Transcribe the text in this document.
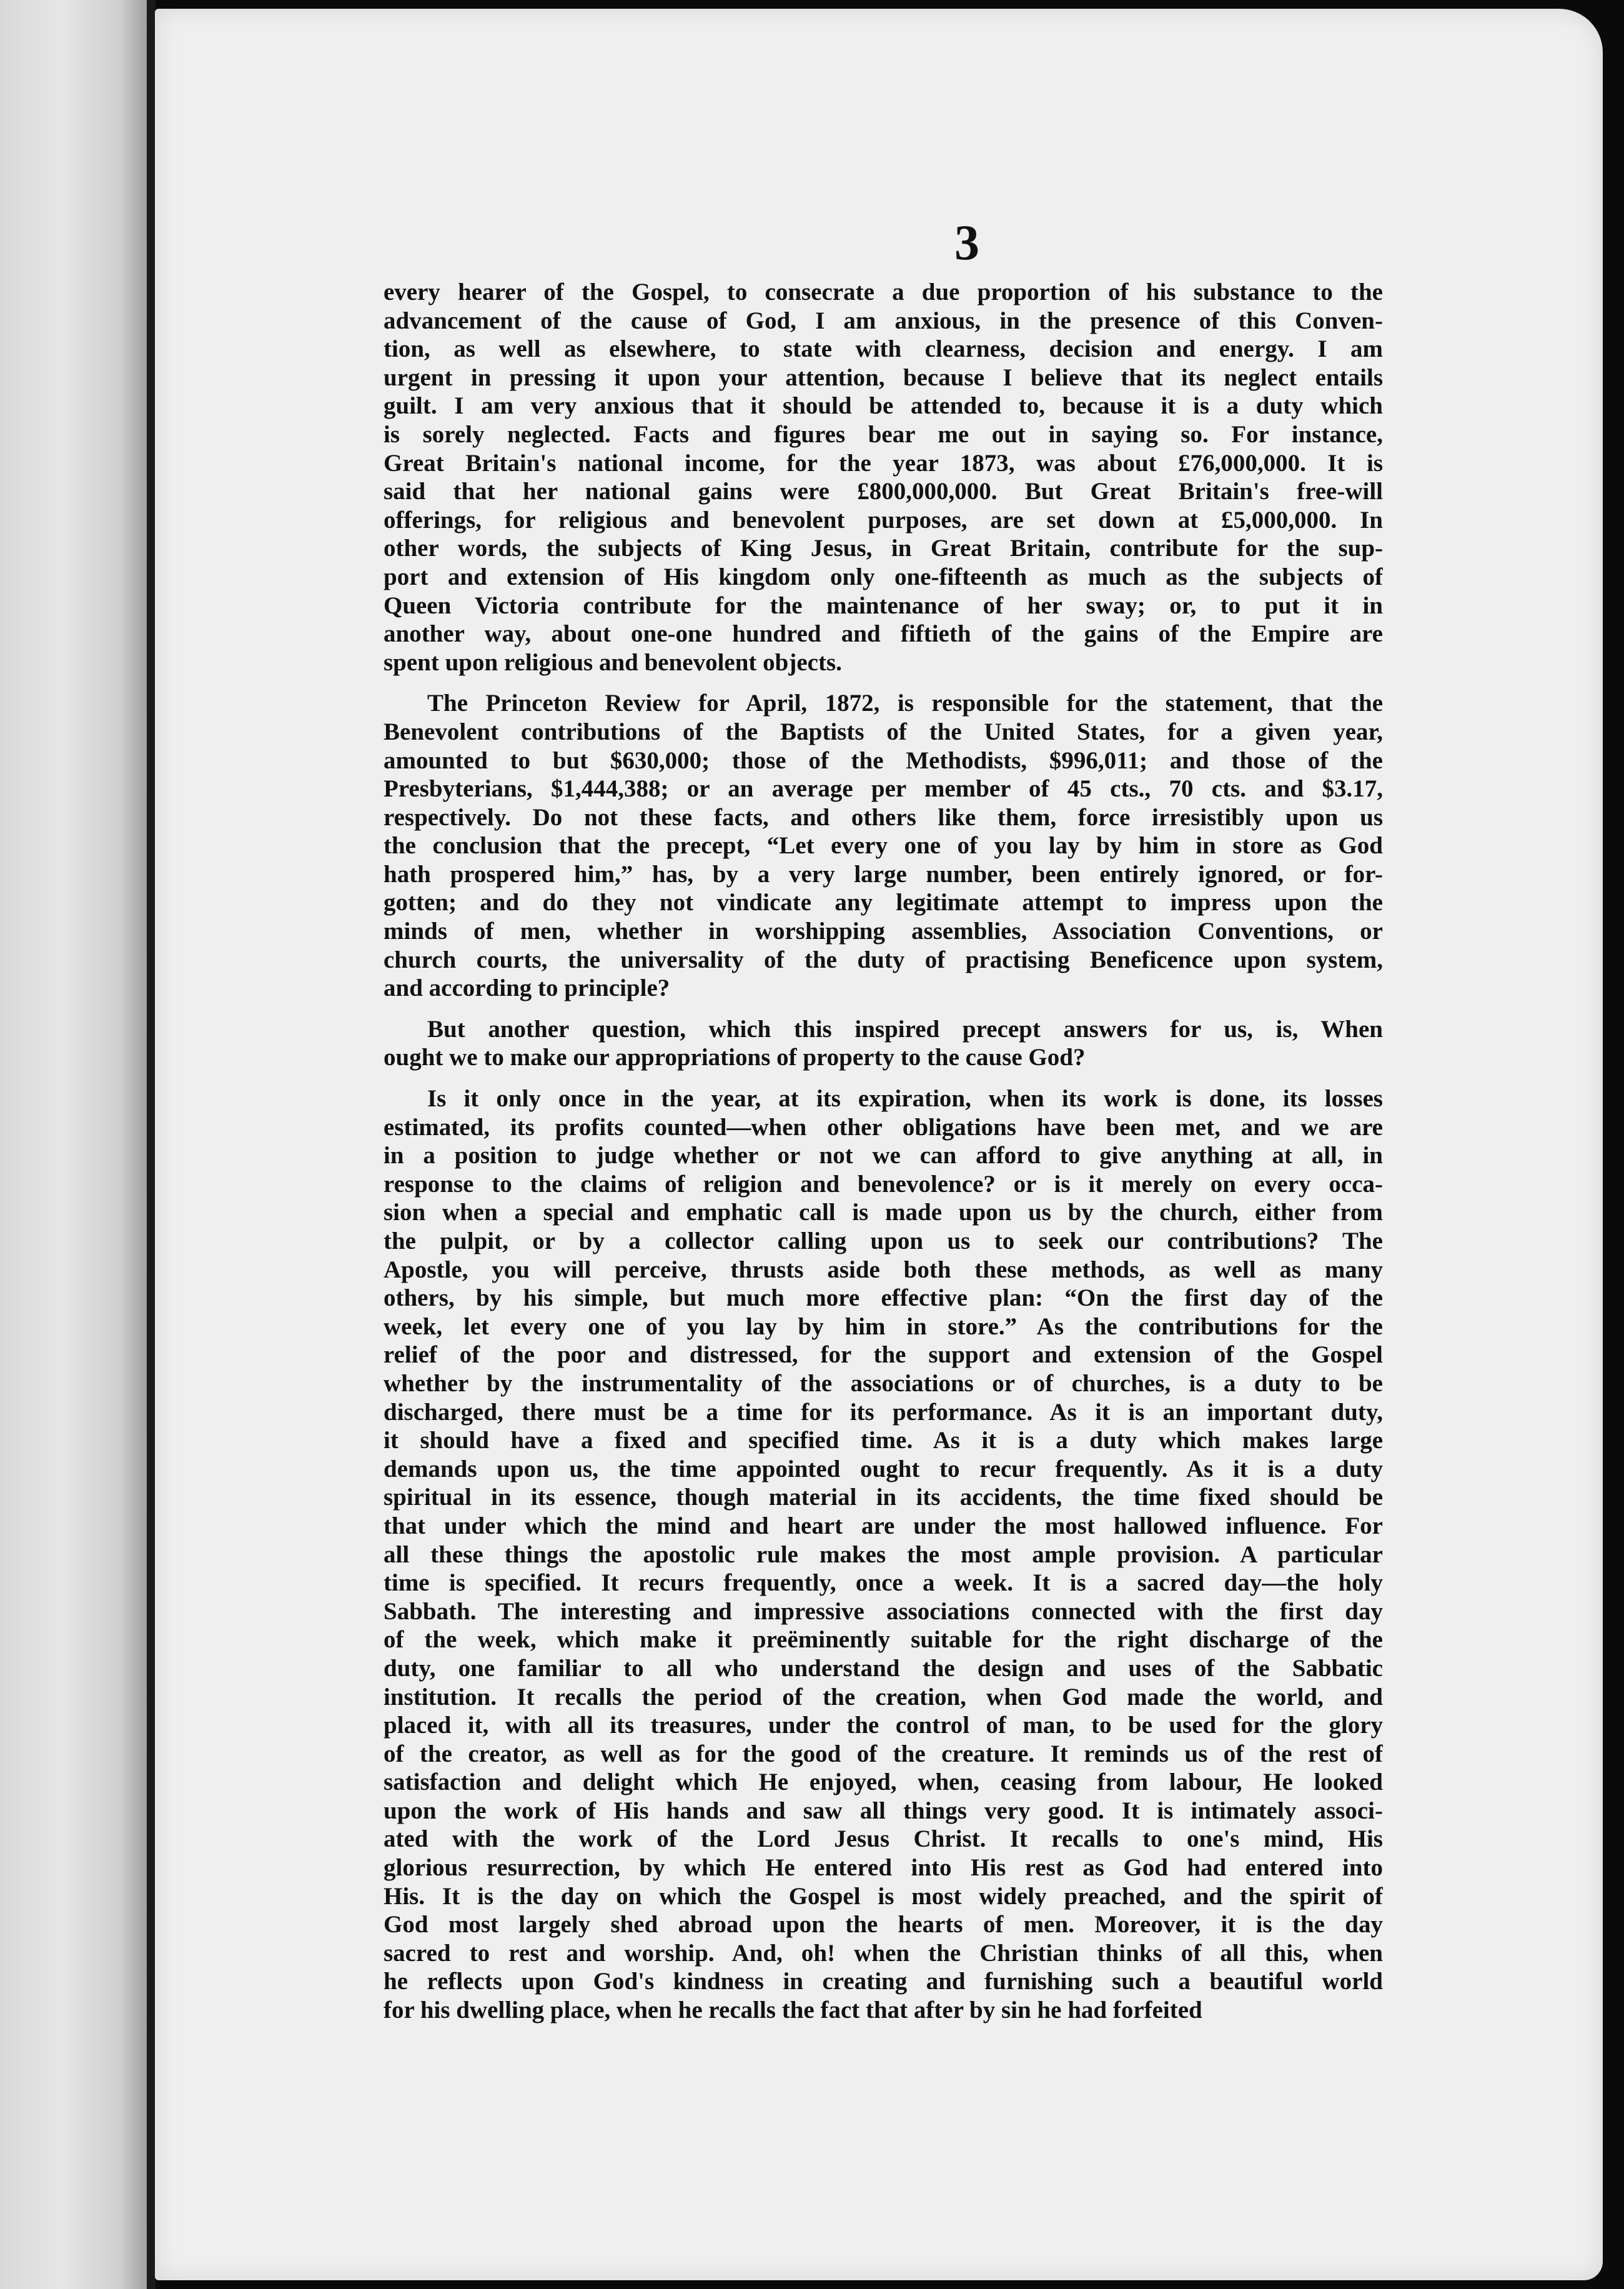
3
every hearer of the Gospel, to consecrate a due proportion of his substance to the
advancement of the cause of God, I am anxious, in the presence of this Conven-
tion, as well as elsewhere, to state with clearness, decision and energy. I am
urgent in pressing it upon your attention, because I believe that its neglect entails
guilt. I am very anxious that it should be attended to, because it is a duty which
is sorely neglected. Facts and figures bear me out in saying so. For instance,
Great Britain's national income, for the year 1873, was about £76,000,000. It is
said that her national gains were £800,000,000. But Great Britain's free-will
offerings, for religious and benevolent purposes, are set down at £5,000,000. In
other words, the subjects of King Jesus, in Great Britain, contribute for the sup-
port and extension of His kingdom only one-fifteenth as much as the subjects of
Queen Victoria contribute for the maintenance of her sway; or, to put it in
another way, about one-one hundred and fiftieth of the gains of the Empire are
spent upon religious and benevolent objects.
The Princeton Review for April, 1872, is responsible for the statement, that the
Benevolent contributions of the Baptists of the United States, for a given year,
amounted to but $630,000; those of the Methodists, $996,011; and those of the
Presbyterians, $1,444,388; or an average per member of 45 cts., 70 cts. and $3.17,
respectively. Do not these facts, and others like them, force irresistibly upon us
the conclusion that the precept, “Let every one of you lay by him in store as God
hath prospered him,” has, by a very large number, been entirely ignored, or for-
gotten; and do they not vindicate any legitimate attempt to impress upon the
minds of men, whether in worshipping assemblies, Association Conventions, or
church courts, the universality of the duty of practising Beneficence upon system,
and according to principle?
But another question, which this inspired precept answers for us, is, When
ought we to make our appropriations of property to the cause God?
Is it only once in the year, at its expiration, when its work is done, its losses
estimated, its profits counted—when other obligations have been met, and we are
in a position to judge whether or not we can afford to give anything at all, in
response to the claims of religion and benevolence? or is it merely on every occa-
sion when a special and emphatic call is made upon us by the church, either from
the pulpit, or by a collector calling upon us to seek our contributions? The
Apostle, you will perceive, thrusts aside both these methods, as well as many
others, by his simple, but much more effective plan: “On the first day of the
week, let every one of you lay by him in store.” As the contributions for the
relief of the poor and distressed, for the support and extension of the Gospel
whether by the instrumentality of the associations or of churches, is a duty to be
discharged, there must be a time for its performance. As it is an important duty,
it should have a fixed and specified time. As it is a duty which makes large
demands upon us, the time appointed ought to recur frequently. As it is a duty
spiritual in its essence, though material in its accidents, the time fixed should be
that under which the mind and heart are under the most hallowed influence. For
all these things the apostolic rule makes the most ample provision. A particular
time is specified. It recurs frequently, once a week. It is a sacred day—the holy
Sabbath. The interesting and impressive associations connected with the first day
of the week, which make it preëminently suitable for the right discharge of the
duty, one familiar to all who understand the design and uses of the Sabbatic
institution. It recalls the period of the creation, when God made the world, and
placed it, with all its treasures, under the control of man, to be used for the glory
of the creator, as well as for the good of the creature. It reminds us of the rest of
satisfaction and delight which He enjoyed, when, ceasing from labour, He looked
upon the work of His hands and saw all things very good. It is intimately associ-
ated with the work of the Lord Jesus Christ. It recalls to one's mind, His
glorious resurrection, by which He entered into His rest as God had entered into
His. It is the day on which the Gospel is most widely preached, and the spirit of
God most largely shed abroad upon the hearts of men. Moreover, it is the day
sacred to rest and worship. And, oh! when the Christian thinks of all this, when
he reflects upon God's kindness in creating and furnishing such a beautiful world
for his dwelling place, when he recalls the fact that after by sin he had forfeited
